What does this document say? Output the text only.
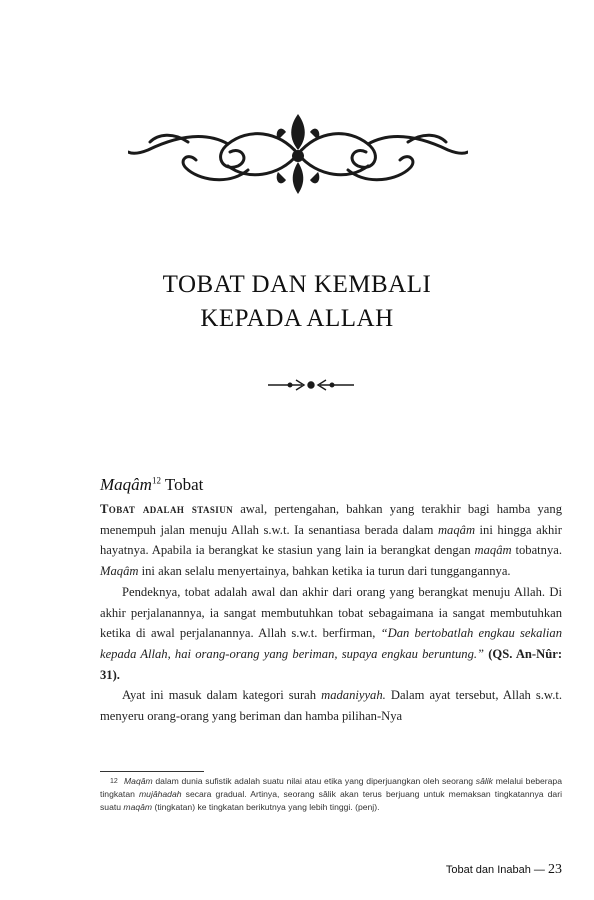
TOBAT DAN KEMBALI
KEPADA ALLAH
Maqâm$^{12}$ Tobat

Tobat adalah stasiun awal, pertengahan, bahkan yang terakhir bagi hamba yang menempuh jalan menuju Allah s.w.t. Ia senantiasa berada dalam maqâm ini hingga akhir hayatnya. Apabila ia berangkat ke stasiun yang lain ia berangkat dengan maqâm tobatnya. Maqâm ini akan selalu menyertainya, bahkan ketika ia turun dari tunggangannya.

Pendeknya, tobat adalah awal dan akhir dari orang yang berangkat menuju Allah. Di akhir perjalanannya, ia sangat membutuhkan tobat sebagaimana ia sangat membutuhkan ketika di awal perjalanannya. Allah s.w.t. berfirman, “Dan bertobatlah engkau sekalian kepada Allah, hai orang-orang yang beriman, supaya engkau beruntung.” (QS. An-Nûr: 31).

Ayat ini masuk dalam kategori surah madaniyyah. Dalam ayat tersebut, Allah s.w.t. menyeru orang-orang yang beriman dan hamba pilihan-Nya

12 Maqâm dalam dunia sufistik adalah suatu nilai atau etika yang diperjuangkan oleh seorang sâlik melalui beberapa tingkatan mujâhadah secara gradual. Artinya, seorang sâlik akan terus berjuang untuk memaksan tingkatannya dari suatu maqâm (tingkatan) ke tingkatan berikutnya yang lebih tinggi. (penj).
Tobat dan Inabah — 23
